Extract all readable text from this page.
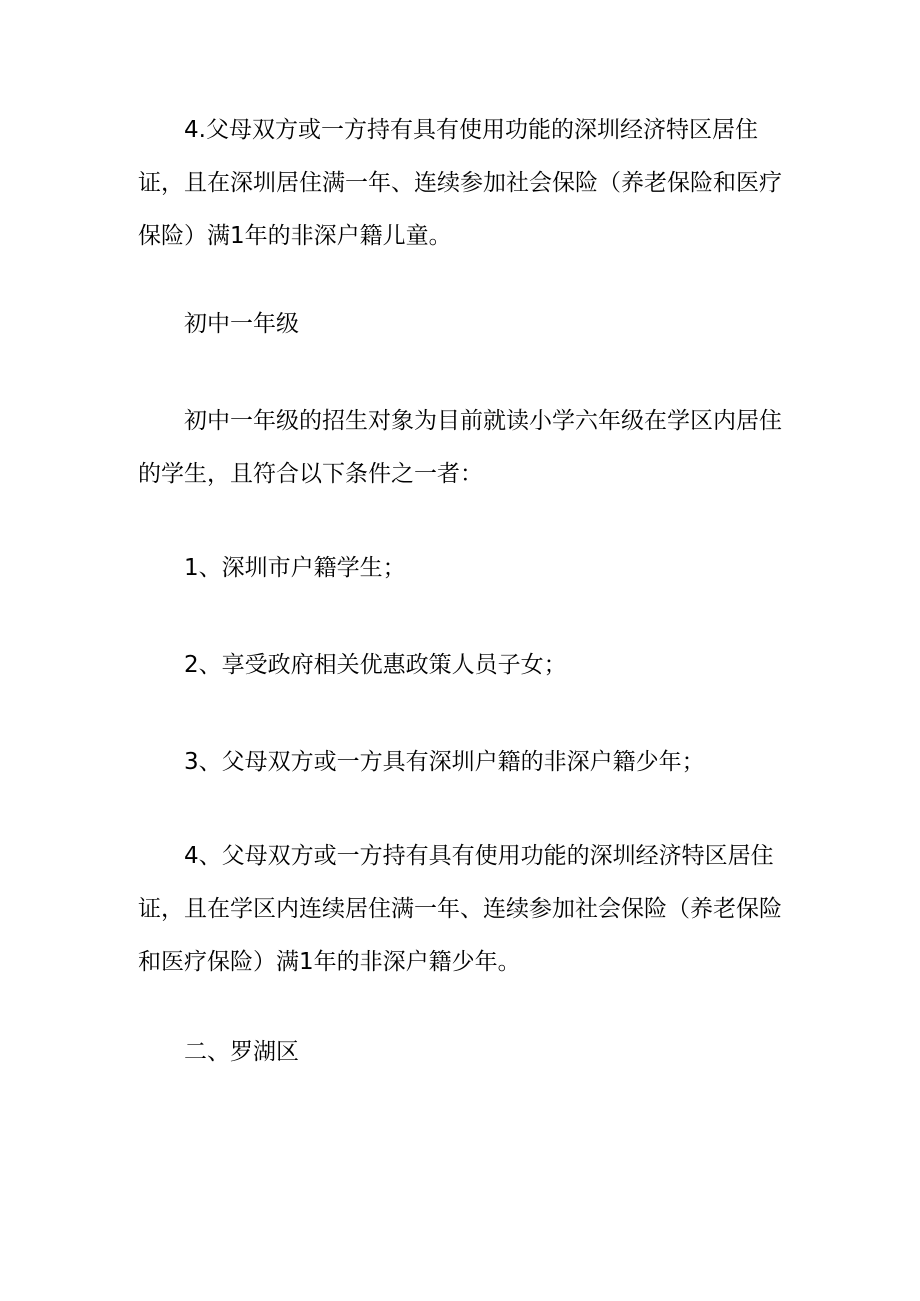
4.父母双方或一方持有具有使用功能的深圳经济特区居住证，且在深圳居住满一年、连续参加社会保险（养老保险和医疗保险）满1年的非深户籍儿童。

初中一年级

初中一年级的招生对象为目前就读小学六年级在学区内居住的学生，且符合以下条件之一者：

1、深圳市户籍学生；

2、享受政府相关优惠政策人员子女；

3、父母双方或一方具有深圳户籍的非深户籍少年；

4、父母双方或一方持有具有使用功能的深圳经济特区居住证，且在学区内连续居住满一年、连续参加社会保险（养老保险和医疗保险）满1年的非深户籍少年。

二、罗湖区
